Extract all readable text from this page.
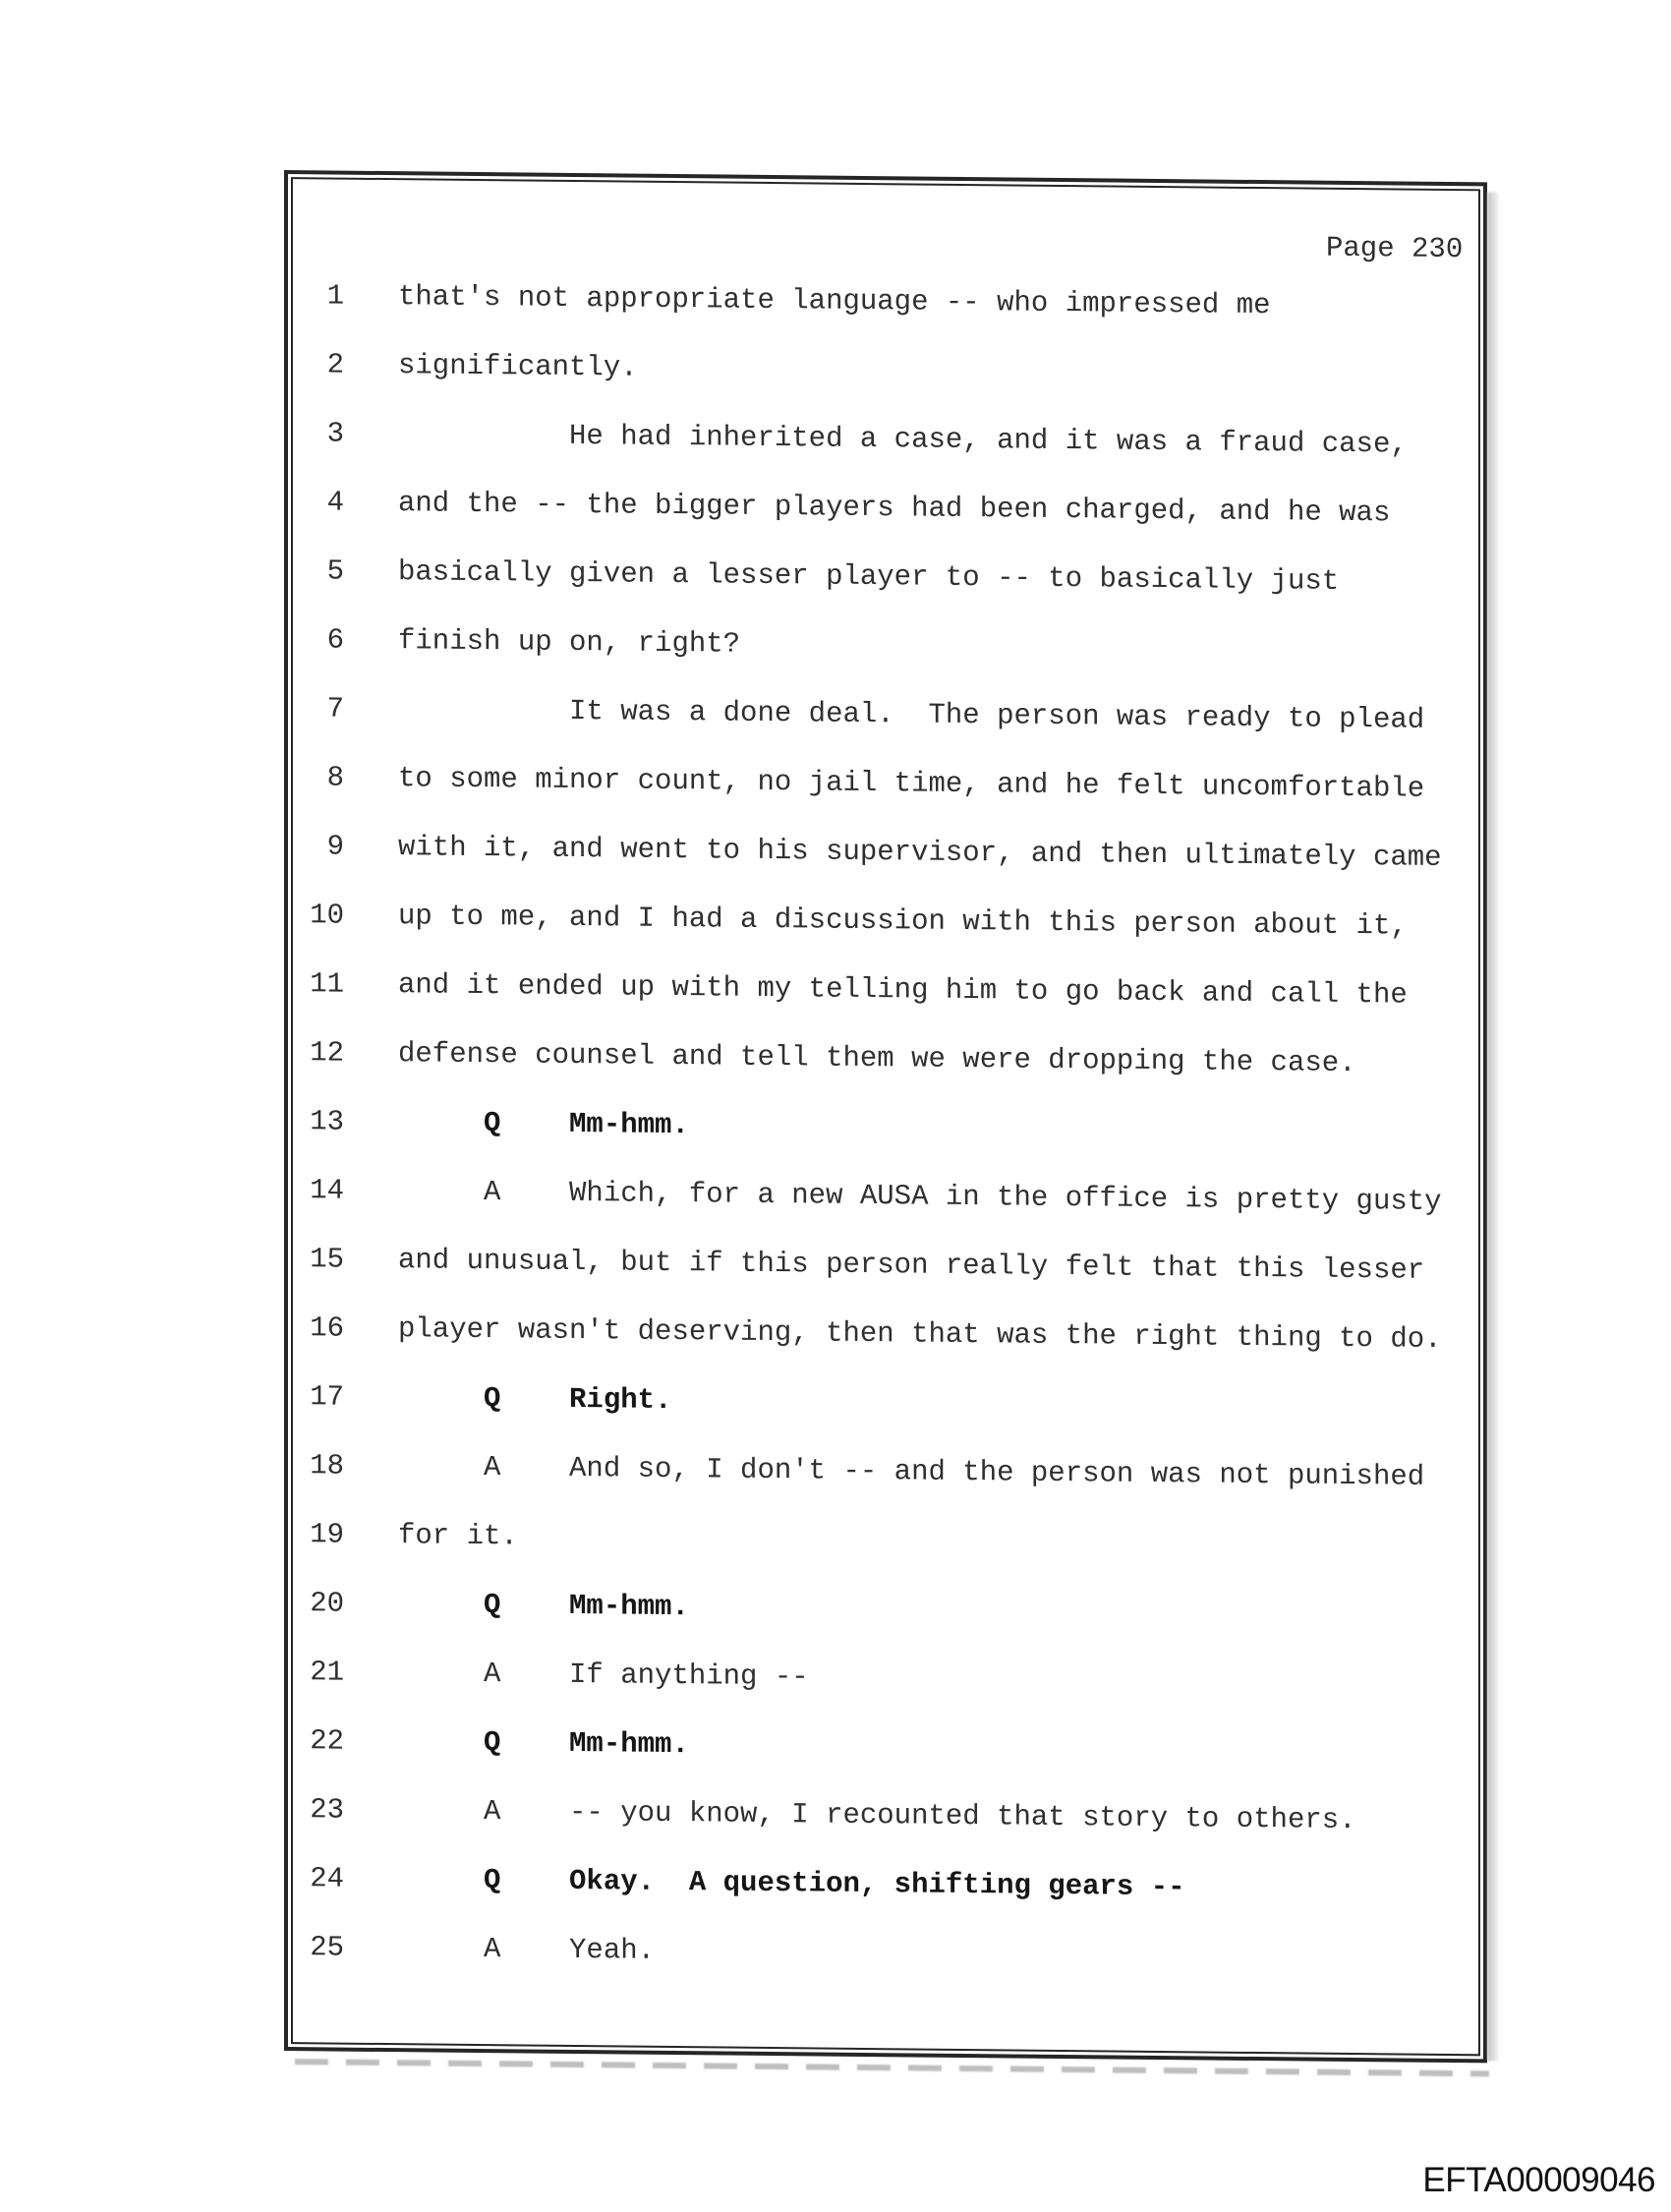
Page 230
1 that's not appropriate language -- who impressed me
2 significantly.
3 He had inherited a case, and it was a fraud case,
4 and the -- the bigger players had been charged, and he was
5 basically given a lesser player to -- to basically just
6 finish up on, right?
7 It was a done deal.  The person was ready to plead
8 to some minor count, no jail time, and he felt uncomfortable
9 with it, and went to his supervisor, and then ultimately came
10 up to me, and I had a discussion with this person about it,
11 and it ended up with my telling him to go back and call the
12 defense counsel and tell them we were dropping the case.
13 Q    Mm-hmm.
14 A    Which, for a new AUSA in the office is pretty gusty
15 and unusual, but if this person really felt that this lesser
16 player wasn't deserving, then that was the right thing to do.
17 Q    Right.
18 A    And so, I don't -- and the person was not punished
19 for it.
20 Q    Mm-hmm.
21 A    If anything --
22 Q    Mm-hmm.
23 A    -- you know, I recounted that story to others.
24 Q    Okay.  A question, shifting gears --
25 A    Yeah.
EFTA00009046
